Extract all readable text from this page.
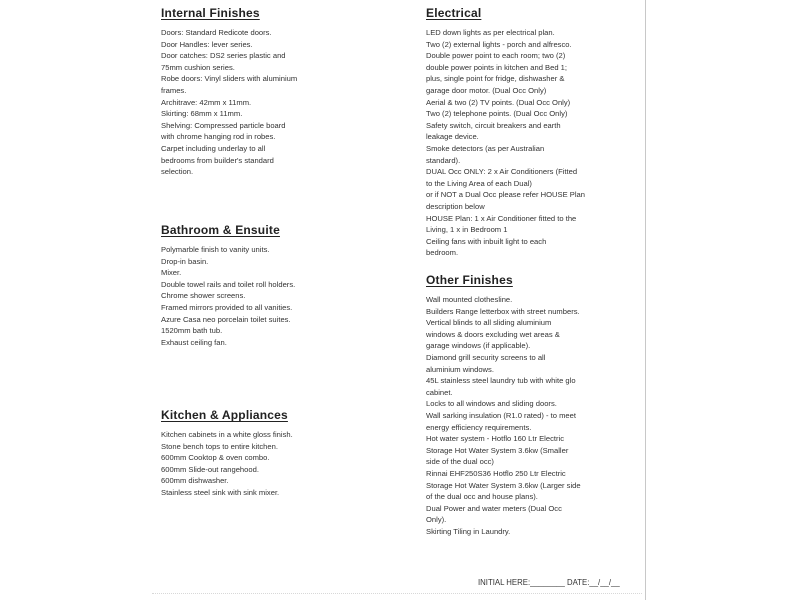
Internal Finishes
Doors: Standard Redicote doors.
Door Handles: lever series.
Door catches: DS2 series plastic and
75mm cushion series.
Robe doors: Vinyl sliders with aluminium
frames.
Architrave: 42mm x 11mm.
Skirting: 68mm x 11mm.
Shelving: Compressed particle board
with chrome hanging rod in robes.
Carpet including underlay to all
bedrooms from builder's standard
selection.
Bathroom & Ensuite
Polymarble finish to vanity units.
Drop-in basin.
Mixer.
Double towel rails and toilet roll holders.
Chrome shower screens.
Framed mirrors provided to all vanities.
Azure Casa neo porcelain toilet suites.
1520mm bath tub.
Exhaust ceiling fan.
Kitchen & Appliances
Kitchen cabinets in a white gloss finish.
Stone bench tops to entire kitchen.
600mm Cooktop & oven combo.
600mm Slide-out rangehood.
600mm dishwasher.
Stainless steel sink with sink mixer.
Electrical
LED down lights as per electrical plan.
Two (2) external lights - porch and alfresco.
Double power point to each room; two (2)
double power points in kitchen and Bed 1;
plus, single point for fridge, dishwasher &
garage door motor. (Dual Occ Only)
Aerial & two (2) TV points. (Dual Occ Only)
Two (2) telephone points. (Dual Occ Only)
Safety switch, circuit breakers and earth
leakage device.
Smoke detectors (as per Australian
standard).
DUAL Occ ONLY: 2 x Air Conditioners (Fitted
to the Living Area of each Dual)
or if NOT a Dual Occ please refer HOUSE Plan
description below
HOUSE Plan: 1 x Air Conditioner fitted to the
Living, 1 x in Bedroom 1
Ceiling fans with inbuilt light to each
bedroom.
Other Finishes
Wall mounted clothesline.
Builders Range letterbox with street numbers.
Vertical blinds to all sliding aluminium
windows & doors excluding wet areas &
garage windows (if applicable).
Diamond grill security screens to all
aluminium windows.
45L stainless steel laundry tub with white glo
cabinet.
Locks to all windows and sliding doors.
Wall sarking insulation (R1.0 rated) - to meet
energy efficiency requirements.
Hot water system - Hotflo 160 Ltr Electric
Storage Hot Water System 3.6kw (Smaller
side of the dual occ)
Rinnai EHF250S36 Hotflo 250 Ltr Electric
Storage Hot Water System 3.6kw (Larger side
of the dual occ and house plans).
Dual Power and water meters (Dual Occ
Only).
Skirting Tiling in Laundry.
INITIAL HERE:________ DATE:__/__/__
